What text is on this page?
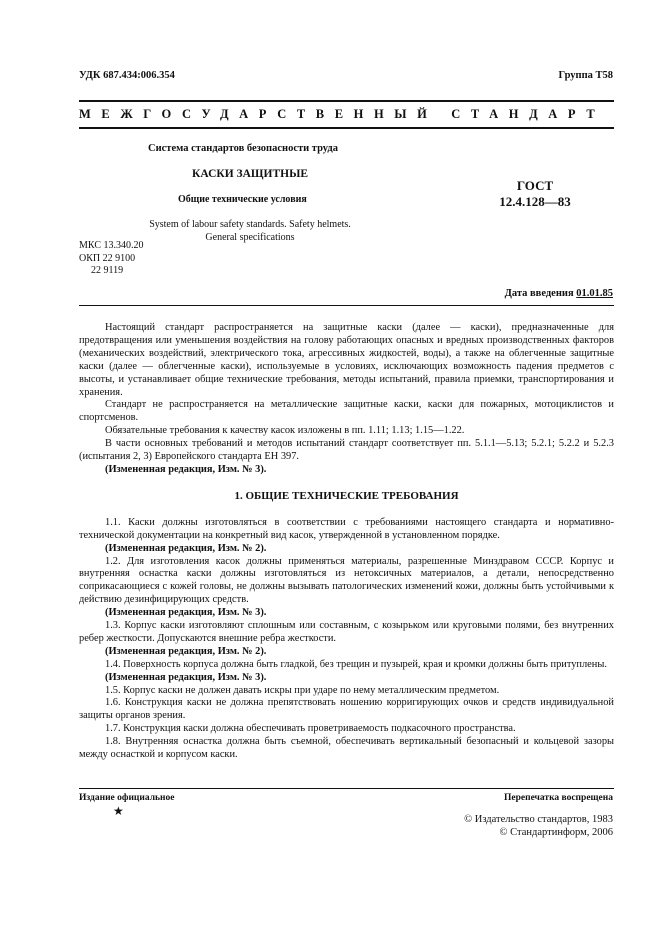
УДК 687.434:006.354	Группа Т58
МЕЖГОСУДАРСТВЕННЫЙ СТАНДАРТ
Система стандартов безопасности труда
КАСКИ ЗАЩИТНЫЕ
Общие технические условия
ГОСТ
12.4.128—83
System of labour safety standards. Safety helmets.
General specifications
МКС 13.340.20
ОКП 22 9100
22 9119
Дата введения 01.01.85

Настоящий стандарт распространяется на защитные каски (далее — каски), предназначенные для предотвращения или уменьшения воздействия на голову работающих опасных и вредных производственных факторов (механических воздействий, электрического тока, агрессивных жидкостей, воды), а также на облегченные защитные каски (далее — облегченные каски), используемые в условиях, исключающих возможность падения предметов с высоты, и устанавливает общие технические требования, методы испытаний, правила приемки, транспортирования и хранения.

Стандарт не распространяется на металлические защитные каски, каски для пожарных, мотоциклистов и спортсменов.

Обязательные требования к качеству касок изложены в пп. 1.11; 1.13; 1.15—1.22.

В части основных требований и методов испытаний стандарт соответствует пп. 5.1.1—5.13; 5.2.1; 5.2.2 и 5.2.3 (испытания 2, 3) Европейского стандарта ЕН 397.

(Измененная редакция, Изм. № 3).

1. ОБЩИЕ ТЕХНИЧЕСКИЕ ТРЕБОВАНИЯ

1.1. Каски должны изготовляться в соответствии с требованиями настоящего стандарта и нормативно-технической документации на конкретный вид касок, утвержденной в установленном порядке.

(Измененная редакция, Изм. № 2).

1.2. Для изготовления касок должны применяться материалы, разрешенные Минздравом СССР. Корпус и внутренняя оснастка каски должны изготовляться из нетоксичных материалов, а детали, непосредственно соприкасающиеся с кожей головы, не должны вызывать патологических изменений кожи, должны быть устойчивыми к действию дезинфицирующих средств.

(Измененная редакция, Изм. № 3).

1.3. Корпус каски изготовляют сплошным или составным, с козырьком или круговыми полями, без внутренних ребер жесткости. Допускаются внешние ребра жесткости.

(Измененная редакция, Изм. № 2).

1.4. Поверхность корпуса должна быть гладкой, без трещин и пузырей, края и кромки должны быть притуплены.

(Измененная редакция, Изм. № 3).

1.5. Корпус каски не должен давать искры при ударе по нему металлическим предметом.

1.6. Конструкция каски не должна препятствовать ношению корригирующих очков и средств индивидуальной защиты органов зрения.

1.7. Конструкция каски должна обеспечивать проветриваемость подкасочного пространства.

1.8. Внутренняя оснастка должна быть съемной, обеспечивать вертикальный безопасный и кольцевой зазоры между оснасткой и корпусом каски.

Издание официальное	Перепечатка воспрещена
★
© Издательство стандартов, 1983
© Стандартинформ, 2006
